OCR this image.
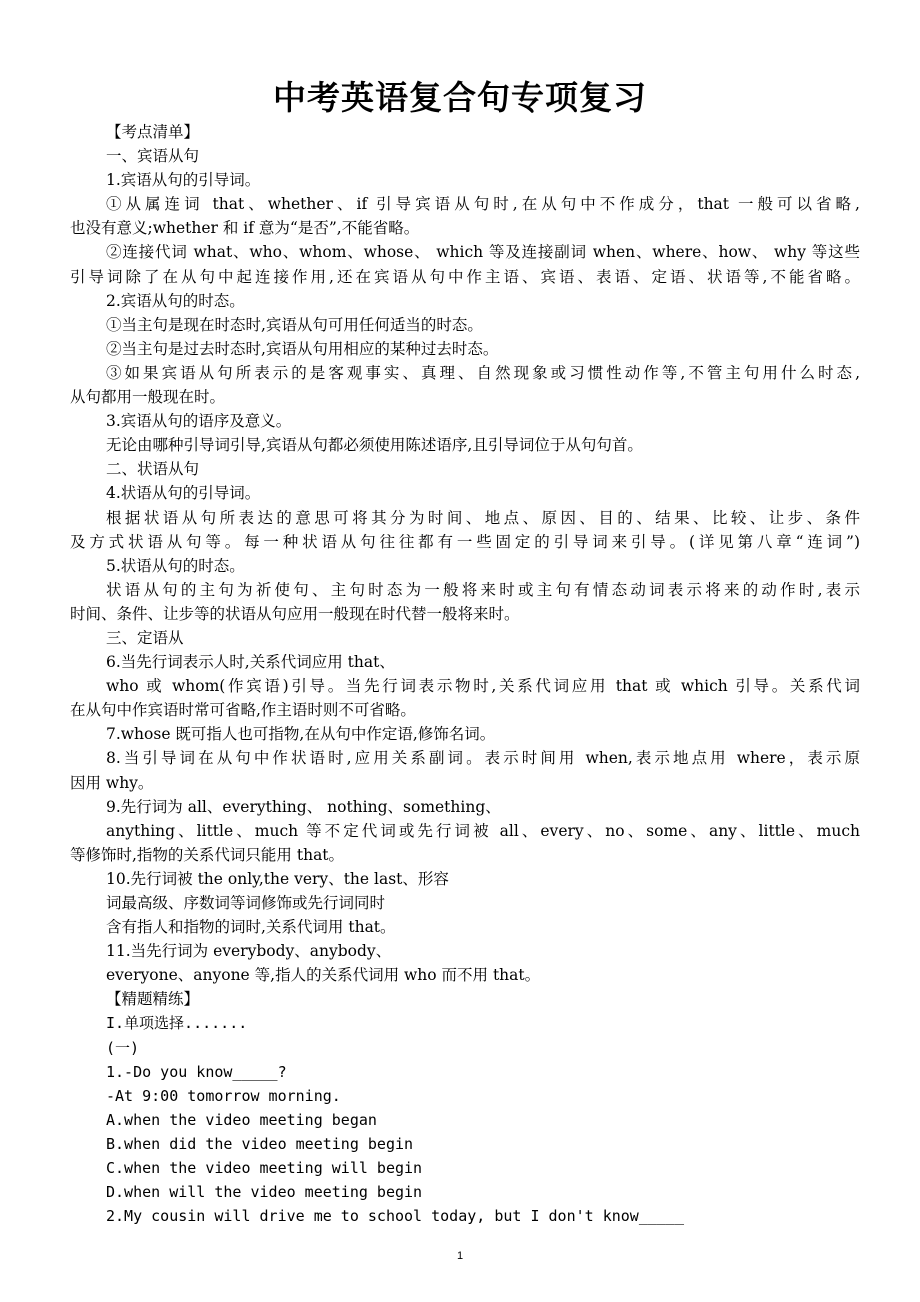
中考英语复合句专项复习
【考点清单】
一、宾语从句
1.宾语从句的引导词。
①从属连词 that、whether、if 引导宾语从句时,在从句中不作成分，that 一般可以省略,
也没有意义;whether 和 if 意为“是否”,不能省略。
②连接代词 what、who、whom、whose、 which 等及连接副词 when、where、how、 why 等这些
引导词除了在从句中起连接作用,还在宾语从句中作主语、宾语、表语、定语、状语等,不能省略。
2.宾语从句的时态。
①当主句是现在时态时,宾语从句可用任何适当的时态。
②当主句是过去时态时,宾语从句用相应的某种过去时态。
③如果宾语从句所表示的是客观事实、真理、自然现象或习惯性动作等,不管主句用什么时态,
从句都用一般现在时。
3.宾语从句的语序及意义。
无论由哪种引导词引导,宾语从句都必须使用陈述语序,且引导词位于从句句首。
二、状语从句
4.状语从句的引导词。
根据状语从句所表达的意思可将其分为时间、地点、原因、目的、结果、比较、让步、条件
及方式状语从句等。每一种状语从句往往都有一些固定的引导词来引导。(详见第八章“连词”)
5.状语从句的时态。
状语从句的主句为祈使句、主句时态为一般将来时或主句有情态动词表示将来的动作时,表示
时间、条件、让步等的状语从句应用一般现在时代替一般将来时。
三、定语从
6.当先行词表示人时,关系代词应用 that、
who 或 whom(作宾语)引导。当先行词表示物时,关系代词应用 that 或 which 引导。关系代词
在从句中作宾语时常可省略,作主语时则不可省略。
7.whose 既可指人也可指物,在从句中作定语,修饰名词。
8.当引导词在从句中作状语时,应用关系副词。表示时间用 when,表示地点用 where，表示原
因用 why。
9.先行词为 all、everything、 nothing、something、
anything、little、much 等不定代词或先行词被 all、every、no、some、any、little、much
等修饰时,指物的关系代词只能用 that。
10.先行词被 the only,the very、the last、形容
词最高级、序数词等词修饰或先行词同时
含有指人和指物的词时,关系代词用 that。
11.当先行词为 everybody、anybody、
everyone、anyone 等,指人的关系代词用 who 而不用 that。
【精题精练】
I.单项选择.......
(一)
1.-Do you know_____?
-At 9:00 tomorrow morning.
A.when the video meeting began
B.when did the video meeting begin
C.when the video meeting will begin
D.when will the video meeting begin
2.My cousin will drive me to school today, but I don't know_____
1
